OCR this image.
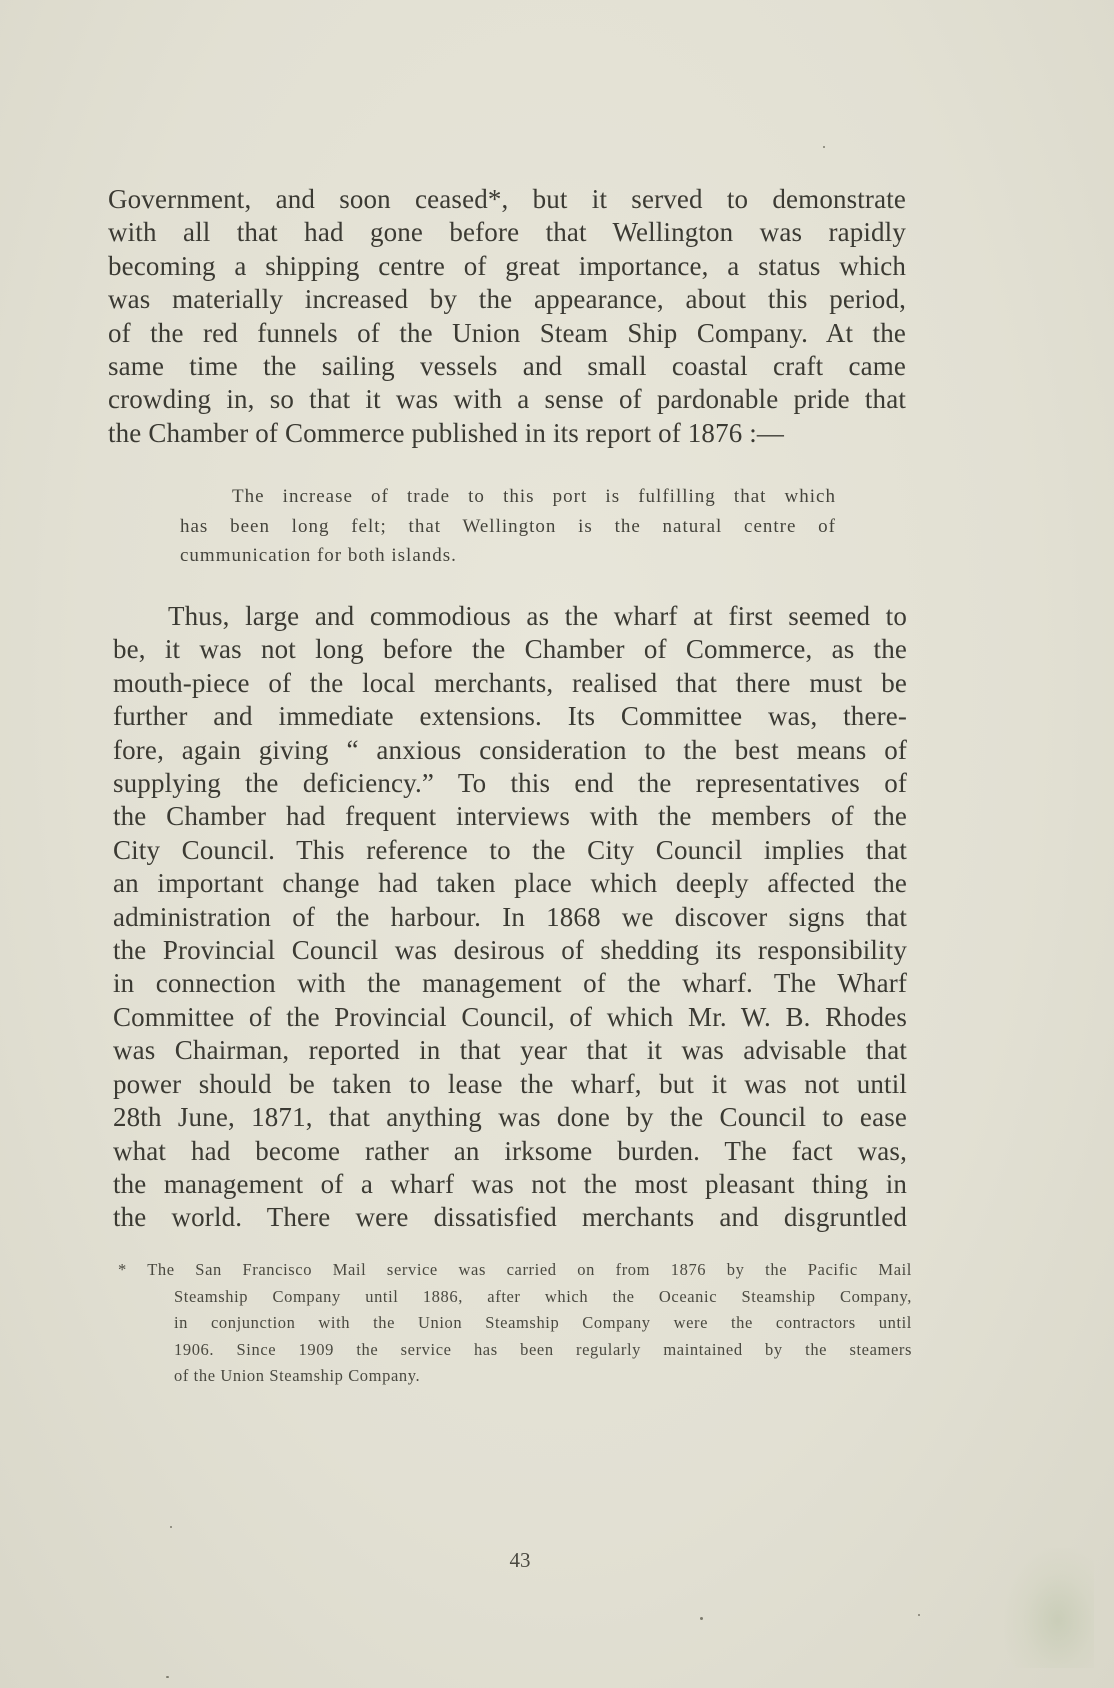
Government, and soon ceased*, but it served to demonstrate
with all that had gone before that Wellington was rapidly
becoming a shipping centre of great importance, a status which
was materially increased by the appearance, about this period,
of the red funnels of the Union Steam Ship Company. At the
same time the sailing vessels and small coastal craft came
crowding in, so that it was with a sense of pardonable pride that
the Chamber of Commerce published in its report of 1876 :—
The increase of trade to this port is fulfilling that which
has been long felt; that Wellington is the natural centre of
cummunication for both islands.
Thus, large and commodious as the wharf at first seemed to
be, it was not long before the Chamber of Commerce, as the
mouth-piece of the local merchants, realised that there must be
further and immediate extensions. Its Committee was, there-
fore, again giving “ anxious consideration to the best means of
supplying the deficiency.” To this end the representatives of
the Chamber had frequent interviews with the members of the
City Council. This reference to the City Council implies that
an important change had taken place which deeply affected the
administration of the harbour. In 1868 we discover signs that
the Provincial Council was desirous of shedding its responsibility
in connection with the management of the wharf. The Wharf
Committee of the Provincial Council, of which Mr. W. B. Rhodes
was Chairman, reported in that year that it was advisable that
power should be taken to lease the wharf, but it was not until
28th June, 1871, that anything was done by the Council to ease
what had become rather an irksome burden. The fact was,
the management of a wharf was not the most pleasant thing in
the world. There were dissatisfied merchants and disgruntled
* The San Francisco Mail service was carried on from 1876 by the Pacific Mail
Steamship Company until 1886, after which the Oceanic Steamship Company,
in conjunction with the Union Steamship Company were the contractors until
1906. Since 1909 the service has been regularly maintained by the steamers
of the Union Steamship Company.
43
